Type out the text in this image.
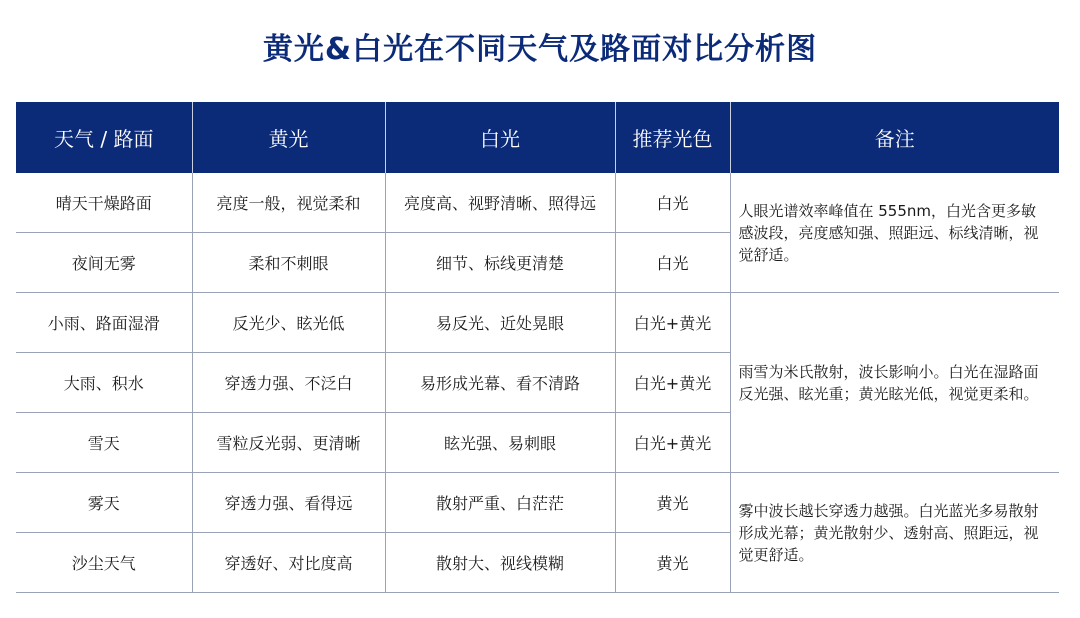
黄光&白光在不同天气及路面对比分析图
天气 / 路面	黄光	白光	推荐光色	备注
晴天干燥路面	亮度一般，视觉柔和	亮度高、视野清晰、照得远	白光	人眼光谱效率峰值在 555nm，白光含更多敏感波段，亮度感知强、照距远、标线清晰，视觉舒适。
夜间无雾	柔和不刺眼	细节、标线更清楚	白光	
小雨、路面湿滑	反光少、眩光低	易反光、近处晃眼	白光+黄光	雨雪为米氏散射，波长影响小。白光在湿路面反光强、眩光重；黄光眩光低，视觉更柔和。
大雨、积水	穿透力强、不泛白	易形成光幕、看不清路	白光+黄光	
雪天	雪粒反光弱、更清晰	眩光强、易刺眼	白光+黄光	
雾天	穿透力强、看得远	散射严重、白茫茫	黄光	雾中波长越长穿透力越强。白光蓝光多易散射形成光幕；黄光散射少、透射高、照距远，视觉更舒适。
沙尘天气	穿透好、对比度高	散射大、视线模糊	黄光	
